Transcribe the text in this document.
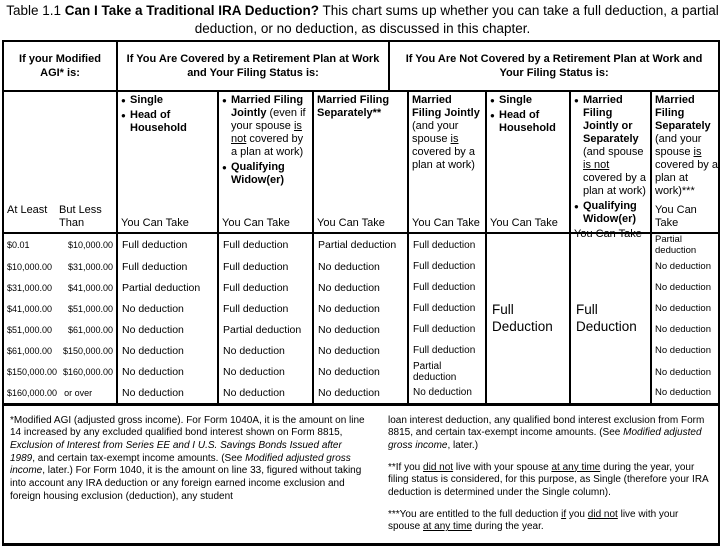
Table 1.1 Can I Take a Traditional IRA Deduction? This chart sums up whether you can take a full deduction, a partial deduction, or no deduction, as discussed in this chapter.
If your Modified AGI* is:
If You Are Covered by a Retirement Plan at Work and Your Filing Status is:
If You Are Not Covered by a Retirement Plan at Work and Your Filing Status is:							

At Least	But Less Than

● Single
● Head of Household
You Can Take

● Married Filing Jointly (even if your spouse is not covered by a plan at work)
● Qualifying Widow(er)
You Can Take

Married Filing Separately**
You Can Take

Married Filing Jointly (and your spouse is covered by a plan at work)
You Can Take

● Single
● Head of Household
You Can Take

● Married Filing Jointly or Separately (and spouse is not covered by a plan at work)
● Qualifying Widow(er)
You Can Take

Married Filing Separately (and your spouse is covered by a plan at work)***
You Can Take

$0.01 $10,000.00	Full deduction	Full deduction	Partial deduction	Full deduction	Full Deduction	Full Deduction	Partial deduction

$10,000.00 $31,000.00	Full deduction	Full deduction	No deduction	Full deduction			No deduction

$31,000.00 $41,000.00	Partial deduction	Full deduction	No deduction	Full deduction			No deduction

$41,000.00 $51,000.00	No deduction	Full deduction	No deduction	Full deduction			No deduction

$51,000.00 $61,000.00	No deduction	Partial deduction	No deduction	Full deduction			No deduction

$61,000.00 $150,000.00	No deduction	No deduction	No deduction	Full deduction			No deduction

$150,000.00 $160,000.00	No deduction	No deduction	No deduction	Partial deduction			No deduction

$160,000.00 or over	No deduction	No deduction	No deduction	No deduction			No deduction

*Modified AGI (adjusted gross income). For Form 1040A, it is the amount on line 14 increased by any excluded qualified bond interest shown on Form 8815, Exclusion of Interest from Series EE and I U.S. Savings Bonds Issued after 1989, and certain tax-exempt income amounts. (See Modified adjusted gross income, later.) For Form 1040, it is the amount on line 33, figured without taking into account any IRA deduction or any foreign earned income exclusion and foreign housing exclusion (deduction), any student

loan interest deduction, any qualified bond interest exclusion from Form 8815, and certain tax-exempt income amounts. (See Modified adjusted gross income, later.)

**If you did not live with your spouse at any time during the year, your filing status is considered, for this purpose, as Single (therefore your IRA deduction is determined under the Single column).

***You are entitled to the full deduction if you did not live with your spouse at any time during the year.							
